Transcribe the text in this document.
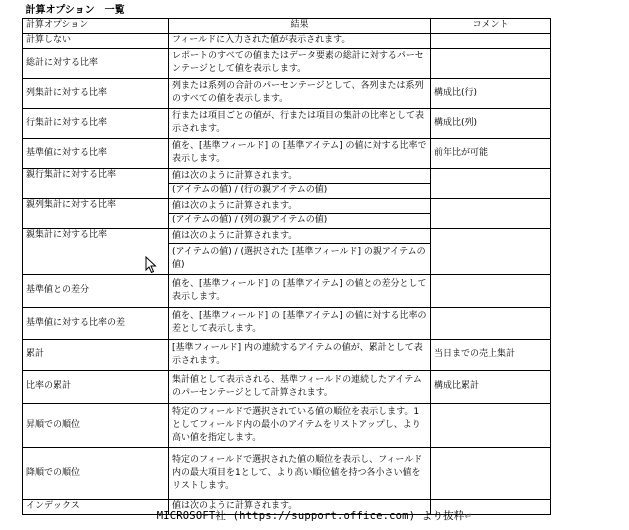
計算オプション　一覧		
計算オプション	結果	コメント
計算しない	フィールドに入力された値が表示されます。	
総計に対する比率	レポートのすべての値またはデータ要素の総計に対するパーセンテージとして値を表示します。	
列集計に対する比率	列または系列の合計のパーセンテージとして、各列または系列のすべての値を表示します。	構成比(行)
行集計に対する比率	行または項目ごとの値が、行または項目の集計の比率として表示されます。	構成比(列)
基準値に対する比率	値を、[基準フィールド] の [基準アイテム] の値に対する比率で表示します。	前年比が可能
親行集計に対する比率	値は次のように計算されます。
(アイテムの値) / (行の親アイテムの値)	

親列集計に対する比率	値は次のように計算されます。
(アイテムの値) / (列の親アイテムの値)	

親集計に対する比率	値は次のように計算されます。
(アイテムの値) / (選択された [基準フィールド] の親アイテムの値)	

基準値との差分	値を、[基準フィールド] の [基準アイテム] の値との差分として表示します。	
基準値に対する比率の差	値を、[基準フィールド] の [基準アイテム] の値に対する比率の差として表示します。	
累計	[基準フィールド] 内の連続するアイテムの値が、累計として表示されます。	当日までの売上集計
比率の累計	集計値として表示される、基準フィールドの連続したアイテムのパーセンテージとして計算されます。	構成比累計
昇順での順位	特定のフィールドで選択されている値の順位を表示します。1としてフィールド内の最小のアイテムをリストアップし、より高い値を指定します。	
降順での順位	特定のフィールドで選択された値の順位を表示し、フィールド内の最大項目を1として、より高い順位値を持つ各小さい値をリストします。	
インデックス	値は次のように計算されます。	
MICROSOFT社 (https://support.office.com) より抜粋↵
